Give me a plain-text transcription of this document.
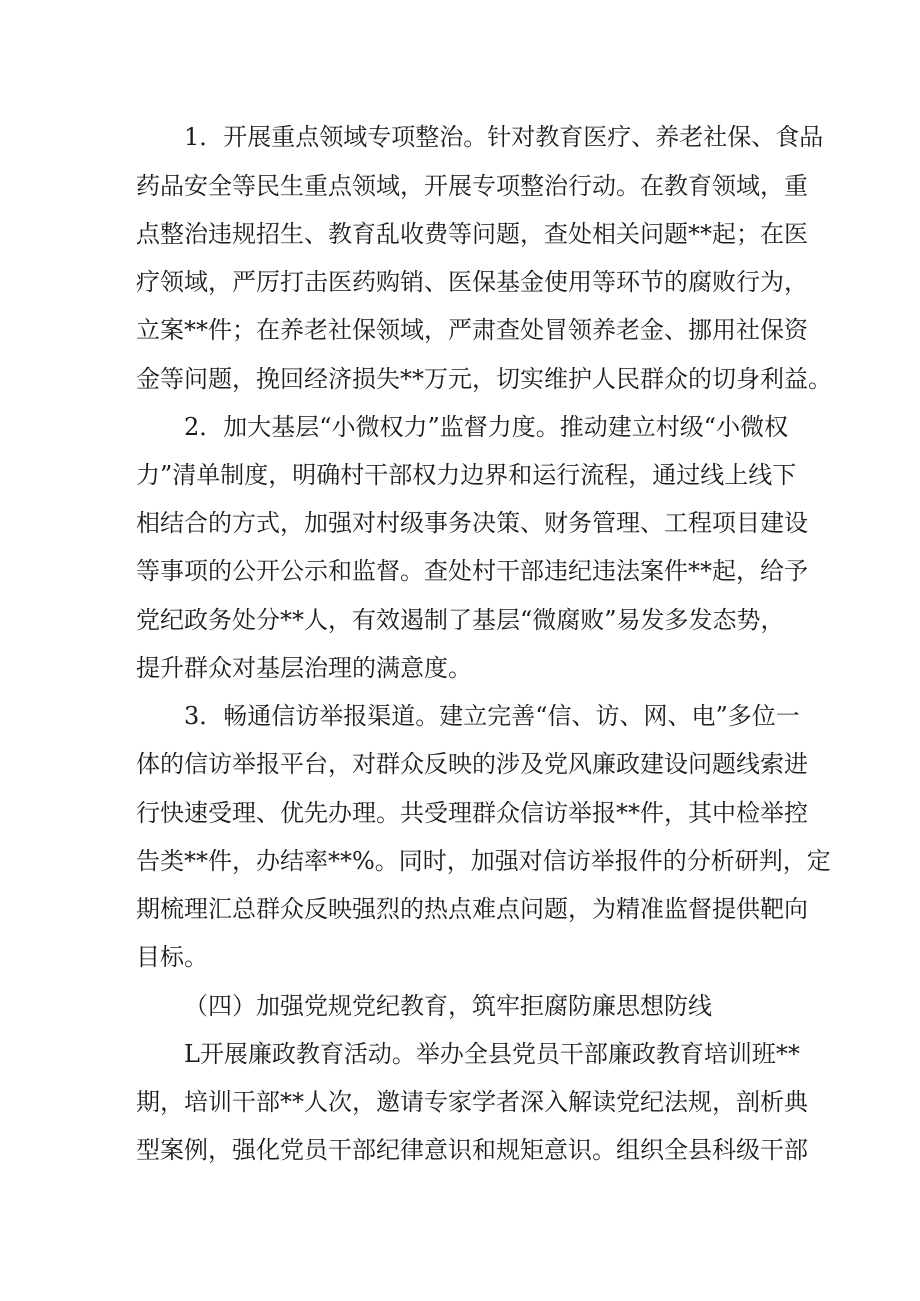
1．开展重点领域专项整治。针对教育医疗、养老社保、食品
药品安全等民生重点领域，开展专项整治行动。在教育领域，重
点整治违规招生、教育乱收费等问题，查处相关问题**起；在医
疗领域，严厉打击医药购销、医保基金使用等环节的腐败行为，
立案**件；在养老社保领域，严肃查处冒领养老金、挪用社保资
金等问题，挽回经济损失**万元，切实维护人民群众的切身利益。
2．加大基层“小微权力”监督力度。推动建立村级“小微权
力”清单制度，明确村干部权力边界和运行流程，通过线上线下
相结合的方式，加强对村级事务决策、财务管理、工程项目建设
等事项的公开公示和监督。查处村干部违纪违法案件**起，给予
党纪政务处分**人，有效遏制了基层“微腐败”易发多发态势，
提升群众对基层治理的满意度。
3．畅通信访举报渠道。建立完善“信、访、网、电”多位一
体的信访举报平台，对群众反映的涉及党风廉政建设问题线索进
行快速受理、优先办理。共受理群众信访举报**件，其中检举控
告类**件，办结率**%。同时，加强对信访举报件的分析研判，定
期梳理汇总群众反映强烈的热点难点问题，为精准监督提供靶向
目标。
（四）加强党规党纪教育，筑牢拒腐防廉思想防线
L开展廉政教育活动。举办全县党员干部廉政教育培训班**
期，培训干部**人次，邀请专家学者深入解读党纪法规，剖析典
型案例，强化党员干部纪律意识和规矩意识。组织全县科级干部
